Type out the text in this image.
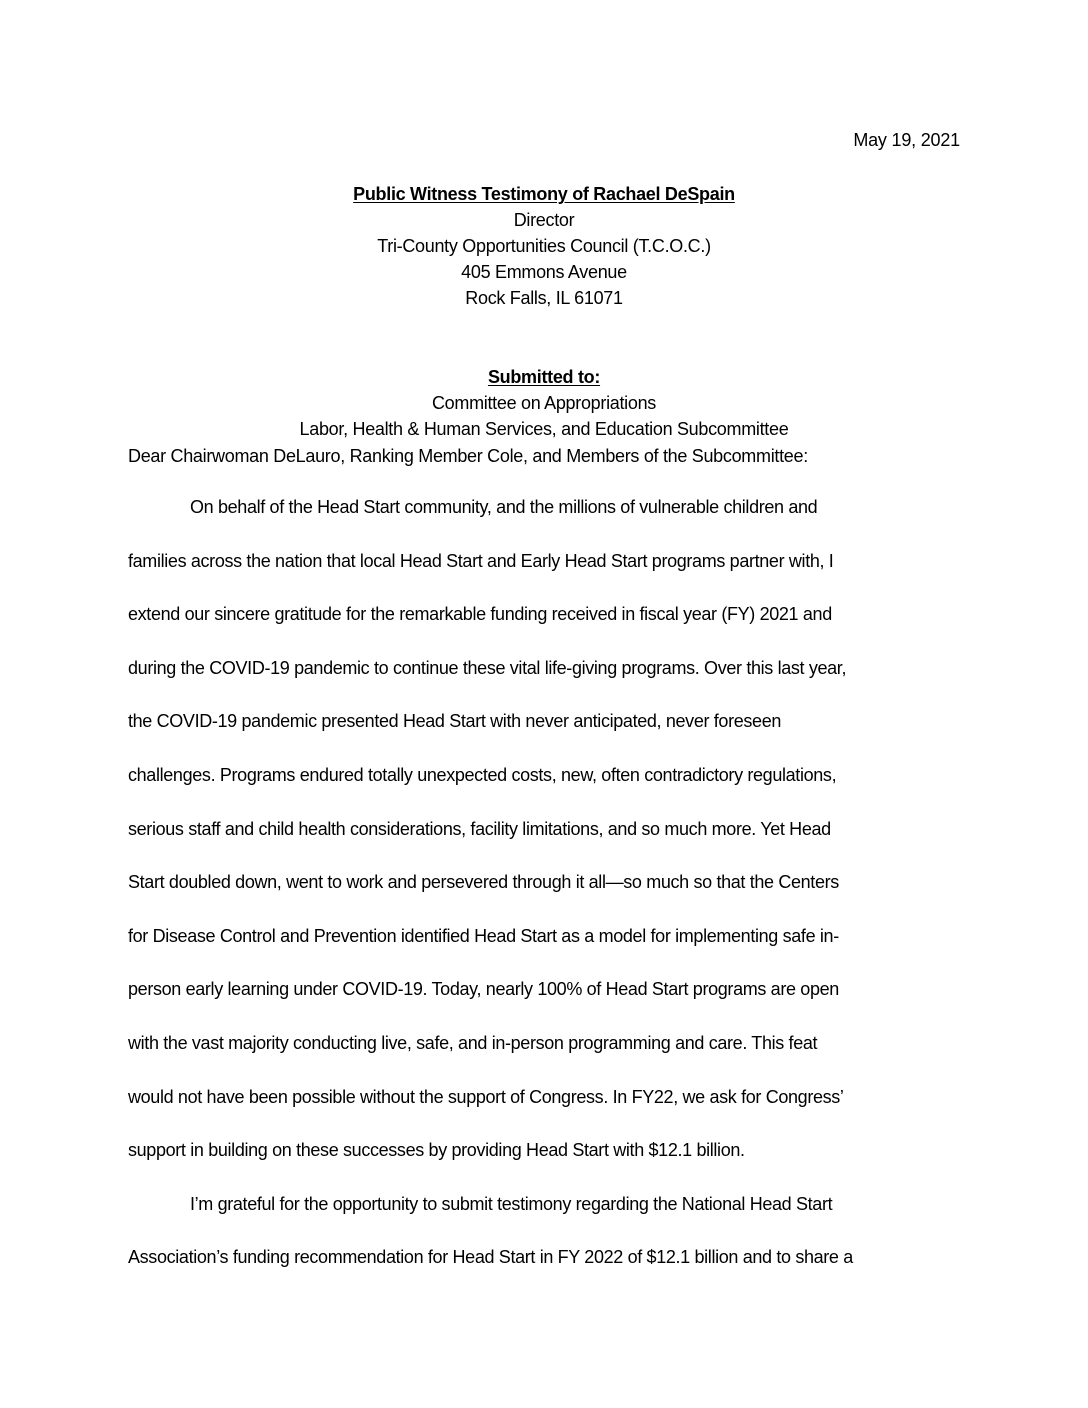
May 19, 2021
Public Witness Testimony of Rachael DeSpain
Director
Tri-County Opportunities Council (T.C.O.C.)
405 Emmons Avenue
Rock Falls, IL 61071
Submitted to:
Committee on Appropriations
Labor, Health & Human Services, and Education Subcommittee
Dear Chairwoman DeLauro, Ranking Member Cole, and Members of the Subcommittee:
On behalf of the Head Start community, and the millions of vulnerable children and
families across the nation that local Head Start and Early Head Start programs partner with, I
extend our sincere gratitude for the remarkable funding received in fiscal year (FY) 2021 and
during the COVID-19 pandemic to continue these vital life-giving programs. Over this last year,
the COVID-19 pandemic presented Head Start with never anticipated, never foreseen
challenges. Programs endured totally unexpected costs, new, often contradictory regulations,
serious staff and child health considerations, facility limitations, and so much more. Yet Head
Start doubled down, went to work and persevered through it all—so much so that the Centers
for Disease Control and Prevention identified Head Start as a model for implementing safe in-
person early learning under COVID-19. Today, nearly 100% of Head Start programs are open
with the vast majority conducting live, safe, and in-person programming and care. This feat
would not have been possible without the support of Congress. In FY22, we ask for Congress’
support in building on these successes by providing Head Start with $12.1 billion.
I’m grateful for the opportunity to submit testimony regarding the National Head Start
Association’s funding recommendation for Head Start in FY 2022 of $12.1 billion and to share a
